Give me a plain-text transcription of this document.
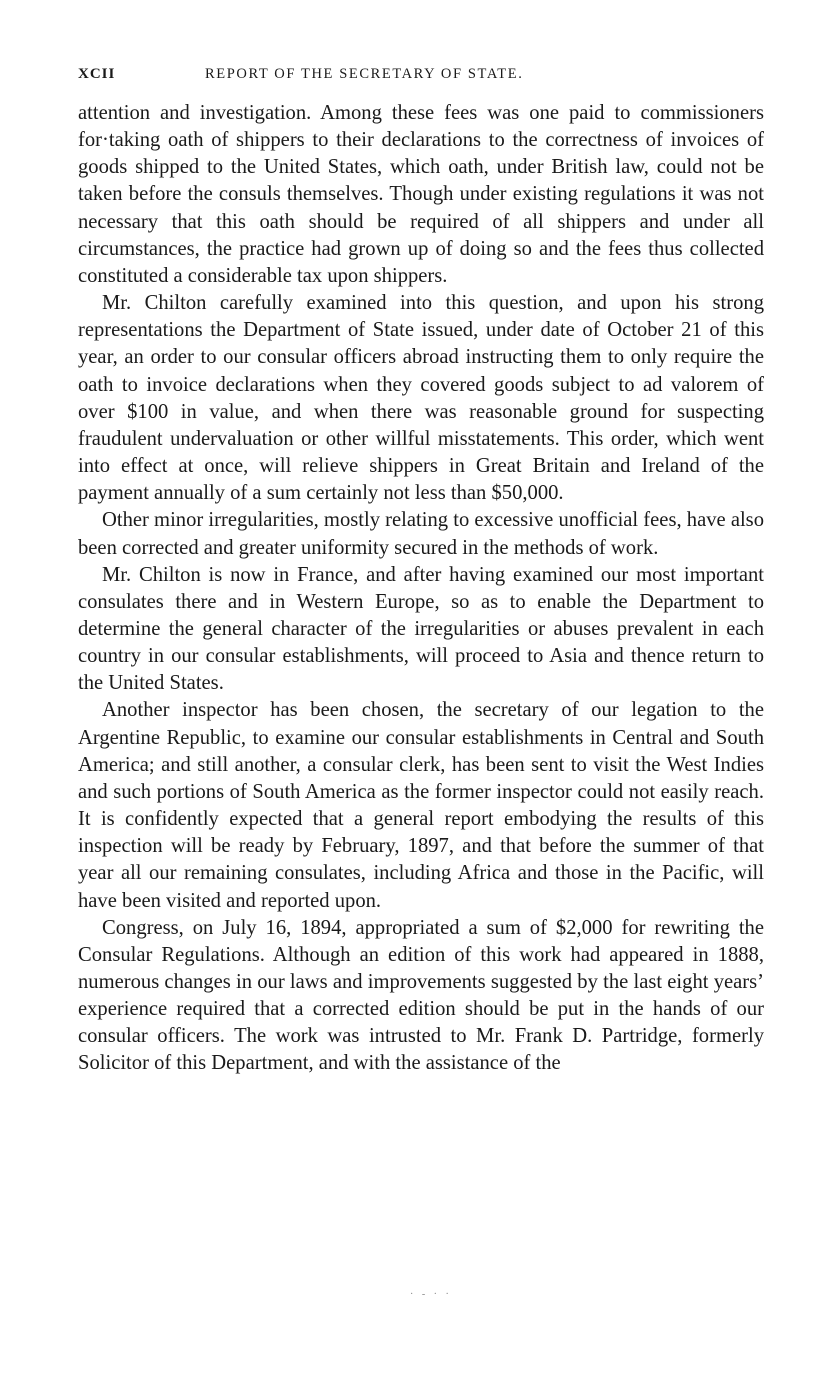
XCII	REPORT OF THE SECRETARY OF STATE.

attention and investigation. Among these fees was one paid to commissioners for·taking oath of shippers to their declarations to the correctness of invoices of goods shipped to the United States, which oath, under British law, could not be taken before the consuls themselves. Though under existing regulations it was not necessary that this oath should be required of all shippers and under all circumstances, the practice had grown up of doing so and the fees thus collected constituted a considerable tax upon shippers.

Mr. Chilton carefully examined into this question, and upon his strong representations the Department of State issued, under date of October 21 of this year, an order to our consular officers abroad instructing them to only require the oath to invoice declarations when they covered goods subject to ad valorem of over $100 in value, and when there was reasonable ground for suspecting fraudulent undervaluation or other willful misstatements. This order, which went into effect at once, will relieve shippers in Great Britain and Ireland of the payment annually of a sum certainly not less than $50,000.

Other minor irregularities, mostly relating to excessive unofficial fees, have also been corrected and greater uniformity secured in the methods of work.

Mr. Chilton is now in France, and after having examined our most important consulates there and in Western Europe, so as to enable the Department to determine the general character of the irregularities or abuses prevalent in each country in our consular establishments, will proceed to Asia and thence return to the United States.

Another inspector has been chosen, the secretary of our legation to the Argentine Republic, to examine our consular establishments in Central and South America; and still another, a consular clerk, has been sent to visit the West Indies and such portions of South America as the former inspector could not easily reach. It is confidently expected that a general report embodying the results of this inspection will be ready by February, 1897, and that before the summer of that year all our remaining consulates, including Africa and those in the Pacific, will have been visited and reported upon.

Congress, on July 16, 1894, appropriated a sum of $2,000 for rewriting the Consular Regulations. Although an edition of this work had appeared in 1888, numerous changes in our laws and improvements suggested by the last eight years’ experience required that a corrected edition should be put in the hands of our consular officers. The work was intrusted to Mr. Frank D. Partridge, formerly Solicitor of this Department, and with the assistance of the

· - · ·
